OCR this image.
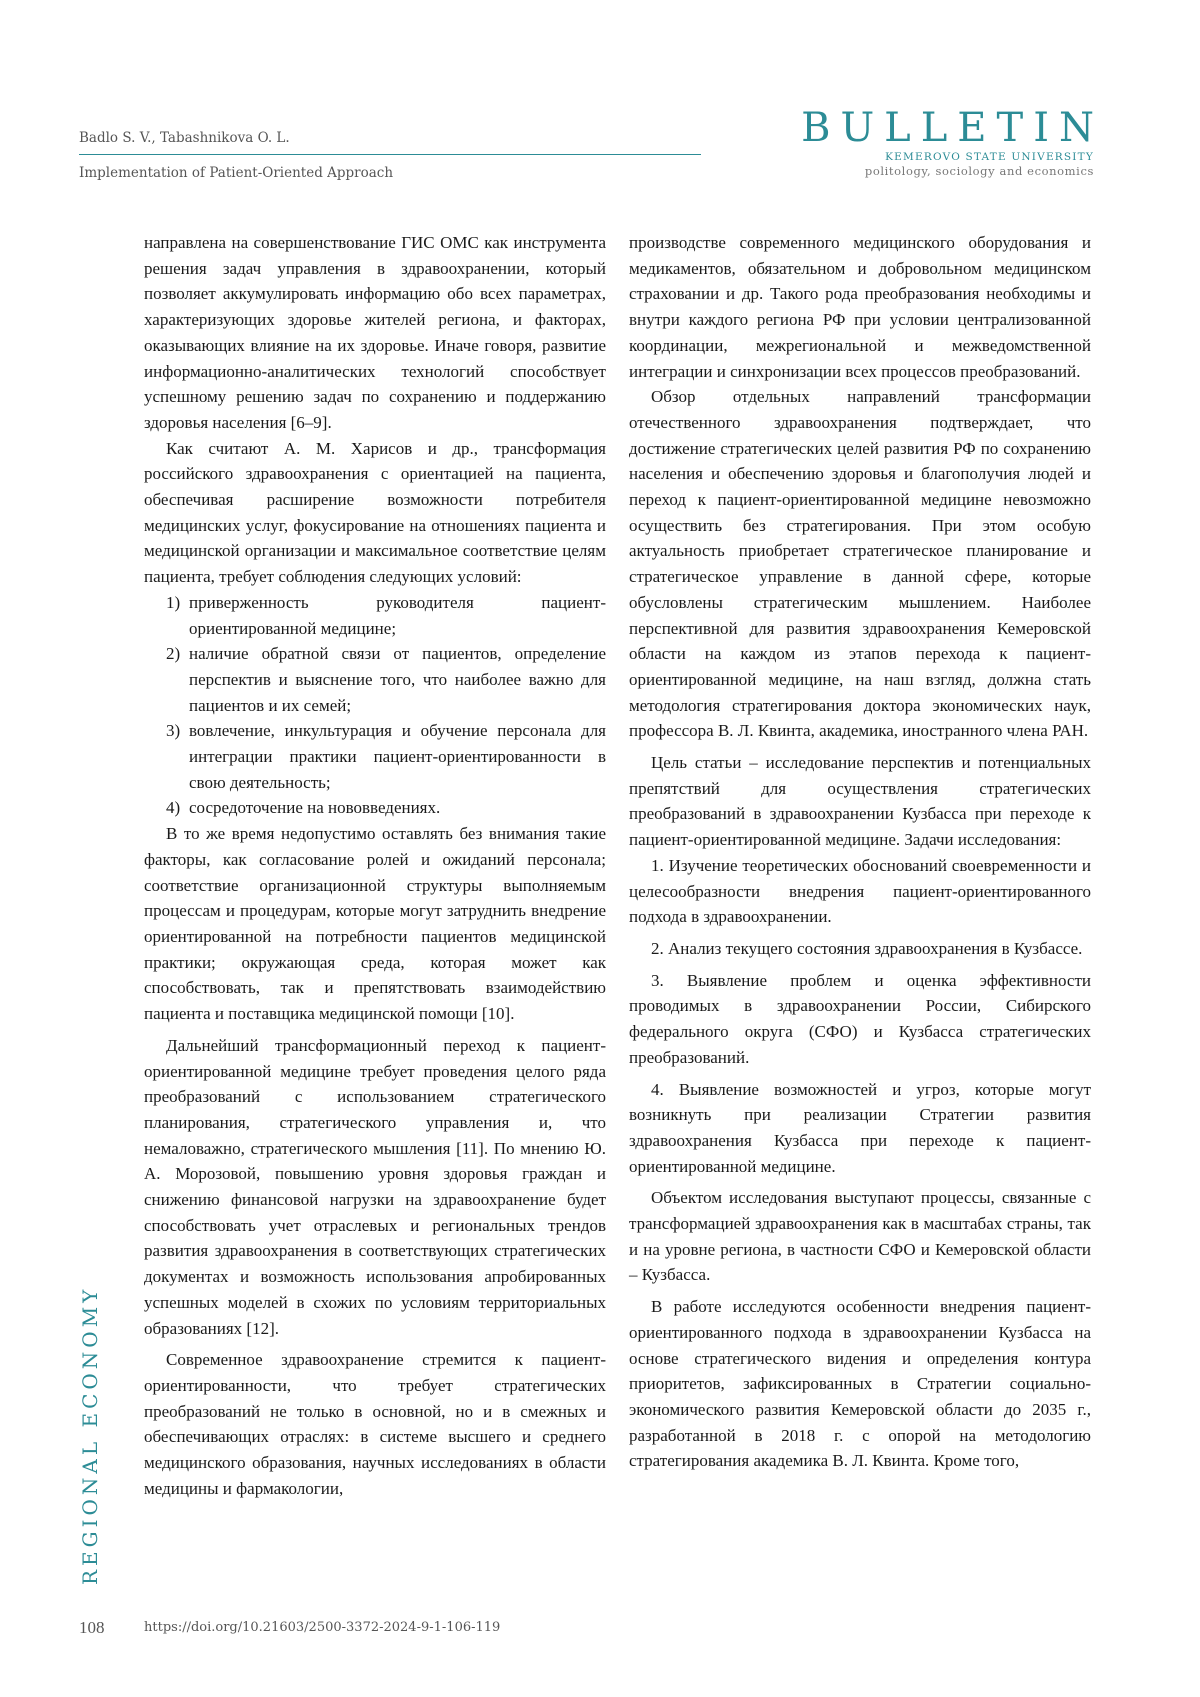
Badlo S. V., Tabashnikova O. L.
Implementation of Patient-Oriented Approach
BULLETIN
KEMEROVO STATE UNIVERSITY
politology, sociology and economics

направлена на совершенствование ГИС ОМС как инструмента решения задач управления в здравоохранении, который позволяет аккумулировать информацию обо всех параметрах, характеризующих здоровье жителей региона, и факторах, оказывающих влияние на их здоровье. Иначе говоря, развитие информационно-аналитических технологий способствует успешному решению задач по сохранению и поддержанию здоровья населения [6–9].

Как считают А. М. Харисов и др., трансформация российского здравоохранения с ориентацией на пациента, обеспечивая расширение возможности потребителя медицинских услуг, фокусирование на отношениях пациента и медицинской организации и максимальное соответствие целям пациента, требует соблюдения следующих условий:

1) приверженность руководителя пациент-ориентированной медицине;
2) наличие обратной связи от пациентов, определение перспектив и выяснение того, что наиболее важно для пациентов и их семей;
3) вовлечение, инкультурация и обучение персонала для интеграции практики пациент-ориентированности в свою деятельность;
4) сосредоточение на нововведениях.

В то же время недопустимо оставлять без внимания такие факторы, как согласование ролей и ожиданий персонала; соответствие организационной структуры выполняемым процессам и процедурам, которые могут затруднить внедрение ориентированной на потребности пациентов медицинской практики; окружающая среда, которая может как способствовать, так и препятствовать взаимодействию пациента и поставщика медицинской помощи [10].

Дальнейший трансформационный переход к пациент-ориентированной медицине требует проведения целого ряда преобразований с использованием стратегического планирования, стратегического управления и, что немаловажно, стратегического мышления [11]. По мнению Ю. А. Морозовой, повышению уровня здоровья граждан и снижению финансовой нагрузки на здравоохранение будет способствовать учет отраслевых и региональных трендов развития здравоохранения в соответствующих стратегических документах и возможность использования апробированных успешных моделей в схожих по условиям территориальных образованиях [12].

Современное здравоохранение стремится к пациент-ориентированности, что требует стратегических преобразований не только в основной, но и в смежных и обеспечивающих отраслях: в системе высшего и среднего медицинского образования, научных исследованиях в области медицины и фармакологии,

производстве современного медицинского оборудования и медикаментов, обязательном и добровольном медицинском страховании и др. Такого рода преобразования необходимы и внутри каждого региона РФ при условии централизованной координации, межрегиональной и межведомственной интеграции и синхронизации всех процессов преобразований.

Обзор отдельных направлений трансформации отечественного здравоохранения подтверждает, что достижение стратегических целей развития РФ по сохранению населения и обеспечению здоровья и благополучия людей и переход к пациент-ориентированной медицине невозможно осуществить без стратегирования. При этом особую актуальность приобретает стратегическое планирование и стратегическое управление в данной сфере, которые обусловлены стратегическим мышлением. Наиболее перспективной для развития здравоохранения Кемеровской области на каждом из этапов перехода к пациент-ориентированной медицине, на наш взгляд, должна стать методология стратегирования доктора экономических наук, профессора В. Л. Квинта, академика, иностранного члена РАН.

Цель статьи – исследование перспектив и потенциальных препятствий для осуществления стратегических преобразований в здравоохранении Кузбасса при переходе к пациент-ориентированной медицине. Задачи исследования:

1. Изучение теоретических обоснований своевременности и целесообразности внедрения пациент-ориентированного подхода в здравоохранении.

2. Анализ текущего состояния здравоохранения в Кузбассе.

3. Выявление проблем и оценка эффективности проводимых в здравоохранении России, Сибирского федерального округа (СФО) и Кузбасса стратегических преобразований.

4. Выявление возможностей и угроз, которые могут возникнуть при реализации Стратегии развития здравоохранения Кузбасса при переходе к пациент-ориентированной медицине.

Объектом исследования выступают процессы, связанные с трансформацией здравоохранения как в масштабах страны, так и на уровне региона, в частности СФО и Кемеровской области – Кузбасса.

В работе исследуются особенности внедрения пациент-ориентированного подхода в здравоохранении Кузбасса на основе стратегического видения и определения контура приоритетов, зафиксированных в Стратегии социально-экономического развития Кемеровской области до 2035 г., разработанной в 2018 г. с опорой на методологию стратегирования академика В. Л. Квинта. Кроме того,

REGIONAL ECONOMY
108	https://doi.org/10.21603/2500-3372-2024-9-1-106-119
